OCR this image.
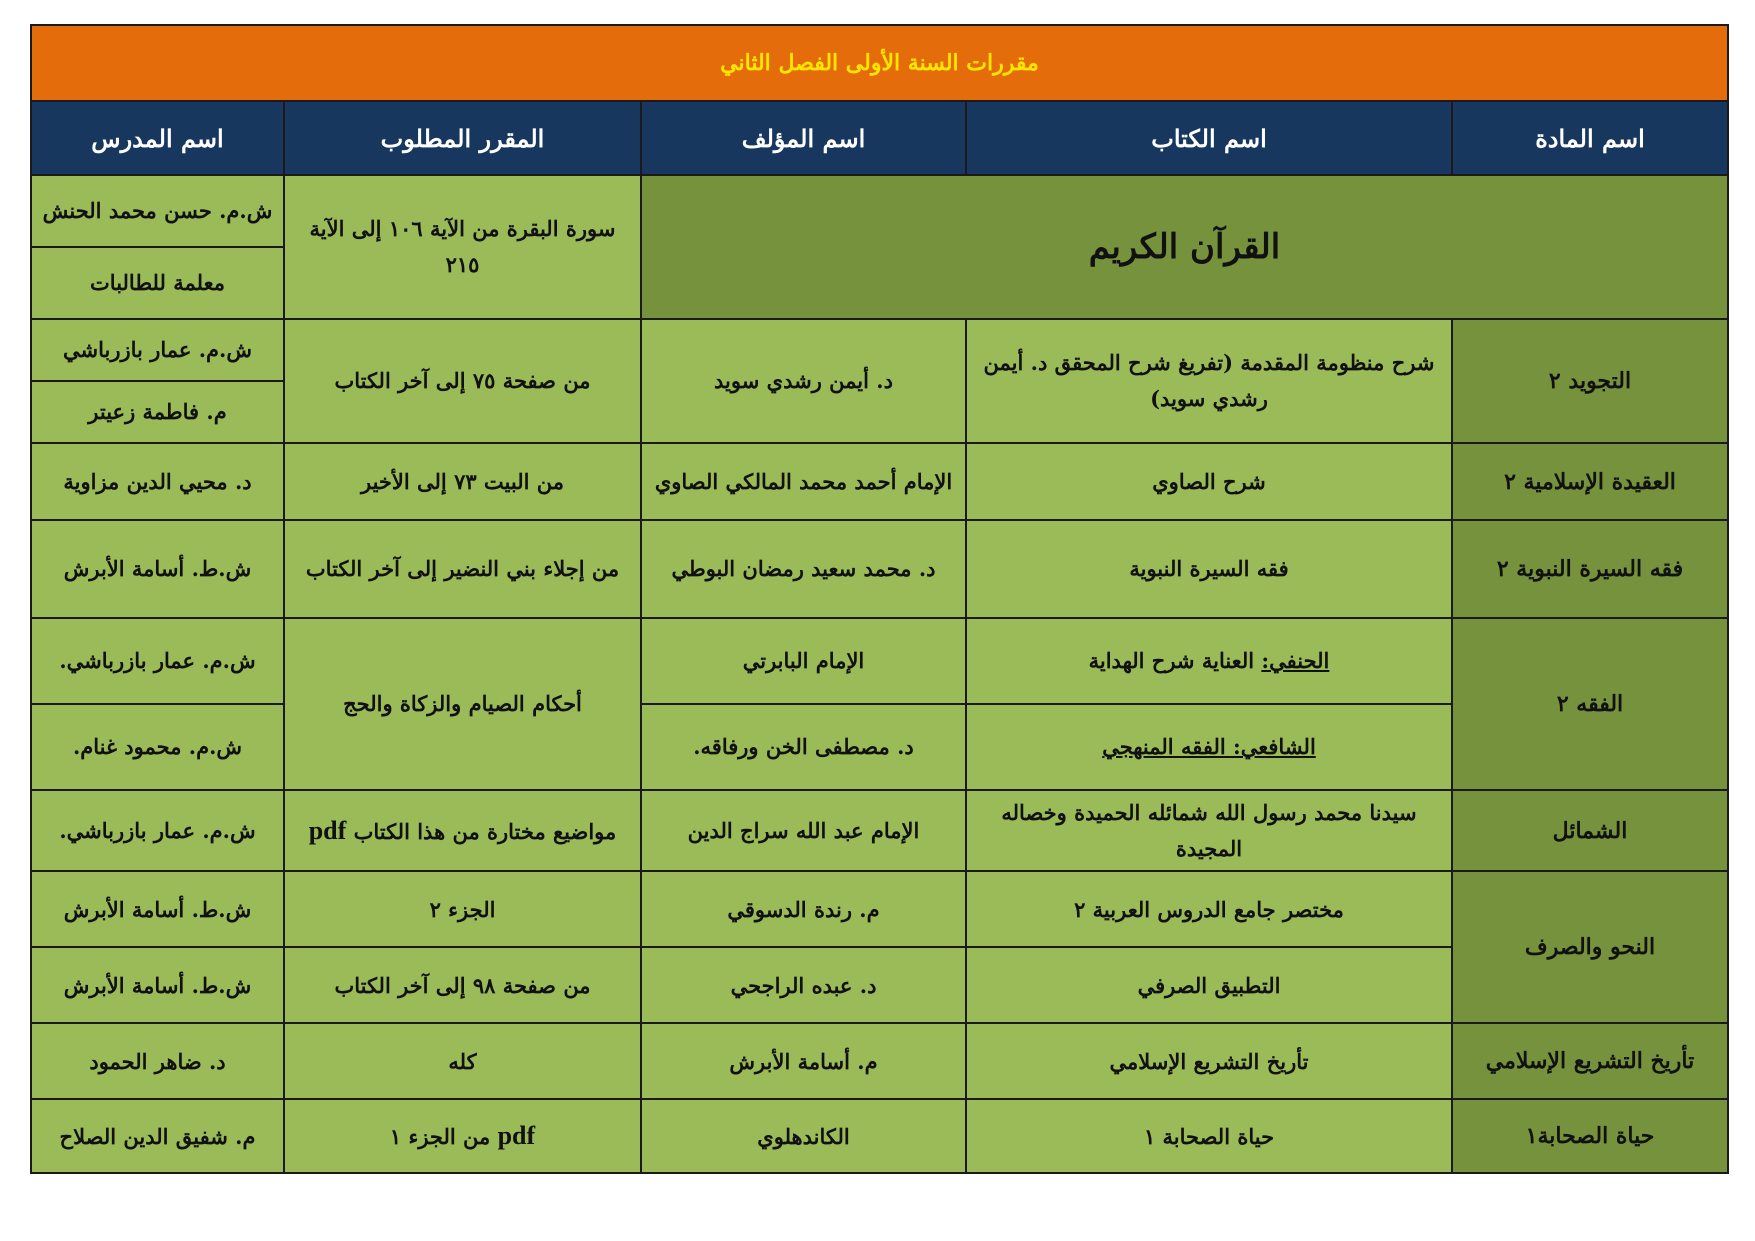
مقررات السنة الأولى الفصل الثاني				
اسم المادة	اسم الكتاب	اسم المؤلف	المقرر المطلوب	اسم المدرس
القرآن الكريم			سورة البقرة من الآية ١٠٦ إلى الآية ٢١٥	ش.م. حسن محمد الحنش
				معلمة للطالبات
التجويد ٢	شرح منظومة المقدمة (تفريغ شرح المحقق د. أيمن رشدي سويد)	د. أيمن رشدي سويد	من صفحة ٧٥ إلى آخر الكتاب	ش.م. عمار بازرباشي
				م. فاطمة زعيتر
العقيدة الإسلامية ٢	شرح الصاوي	الإمام أحمد محمد المالكي الصاوي	من البيت ٧٣ إلى الأخير	د. محيي الدين مزاوية
فقه السيرة النبوية ٢	فقه السيرة النبوية	د. محمد سعيد رمضان البوطي	من إجلاء بني النضير إلى آخر الكتاب	ش.ط. أسامة الأبرش
الفقه ٢	الحنفي: العناية شرح الهداية	الإمام البابرتي	أحكام الصيام والزكاة والحج	ش.م. عمار بازرباشي.
	الشافعي: الفقه المنهجي	د. مصطفى الخن ورفاقه.		ش.م. محمود غنام.
الشمائل	سيدنا محمد رسول الله شمائله الحميدة وخصاله المجيدة	الإمام عبد الله سراج الدين	مواضيع مختارة من هذا الكتاب pdf	ش.م. عمار بازرباشي.
النحو والصرف	مختصر جامع الدروس العربية ٢	م. رندة الدسوقي	الجزء ٢	ش.ط. أسامة الأبرش
	التطبيق الصرفي	د. عبده الراجحي	من صفحة ٩٨ إلى آخر الكتاب	ش.ط. أسامة الأبرش
تأريخ التشريع الإسلامي	تأريخ التشريع الإسلامي	م. أسامة الأبرش	كله	د. ضاهر الحمود
حياة الصحابة١	حياة الصحابة ١	الكاندهلوي	pdf من الجزء ١	م. شفيق الدين الصلاح
